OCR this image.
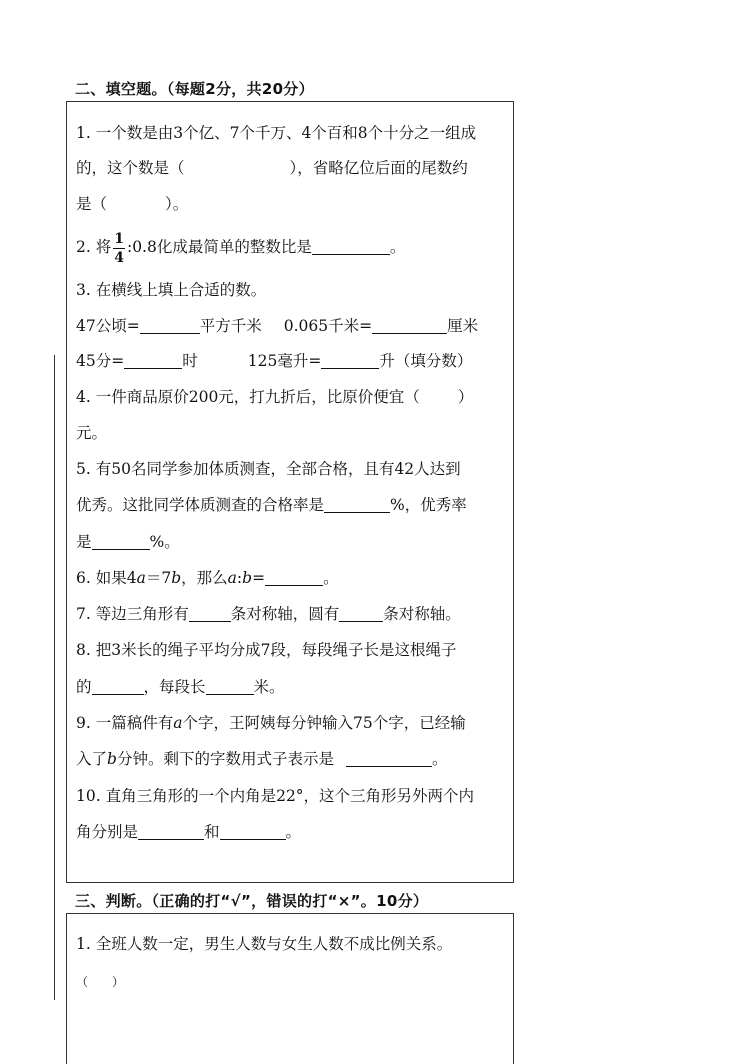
二、填空题。（每题2分，共20分）
1. 一个数是由3个亿、7个千万、4个百和8个十分之一组成
的，这个数是（	），省略亿位后面的尾数约
是（	）。
2. 将 $\frac{1}{4}$ :0.8化成最简单的整数比是	。
3. 在横线上填上合适的数。
47公顷=	平方千米 0.065千米=	厘米
45分=	时	125毫升=	升（填分数）
4. 一件商品原价200元，打九折后，比原价便宜（ ）
元。
5. 有50名同学参加体质测查，全部合格，且有42人达到
优秀。这批同学体质测查的合格率是	%，优秀率
是	%。
6. 如果4a＝7b，那么a:b=	。
7. 等边三角形有	条对称轴，圆有	条对称轴。
8. 把3米长的绳子平均分成7段，每段绳子长是这根绳子
的	，每段长	米。
9. 一篇稿件有a个字，王阿姨每分钟输入75个字，已经输
入了b分钟。剩下的字数用式子表示是	。
10. 直角三角形的一个内角是22°，这个三角形另外两个内
角分别是	和	。
三、判断。（正确的打“√”，错误的打“×”。10分）
1. 全班人数一定，男生人数与女生人数不成比例关系。
（　　）
